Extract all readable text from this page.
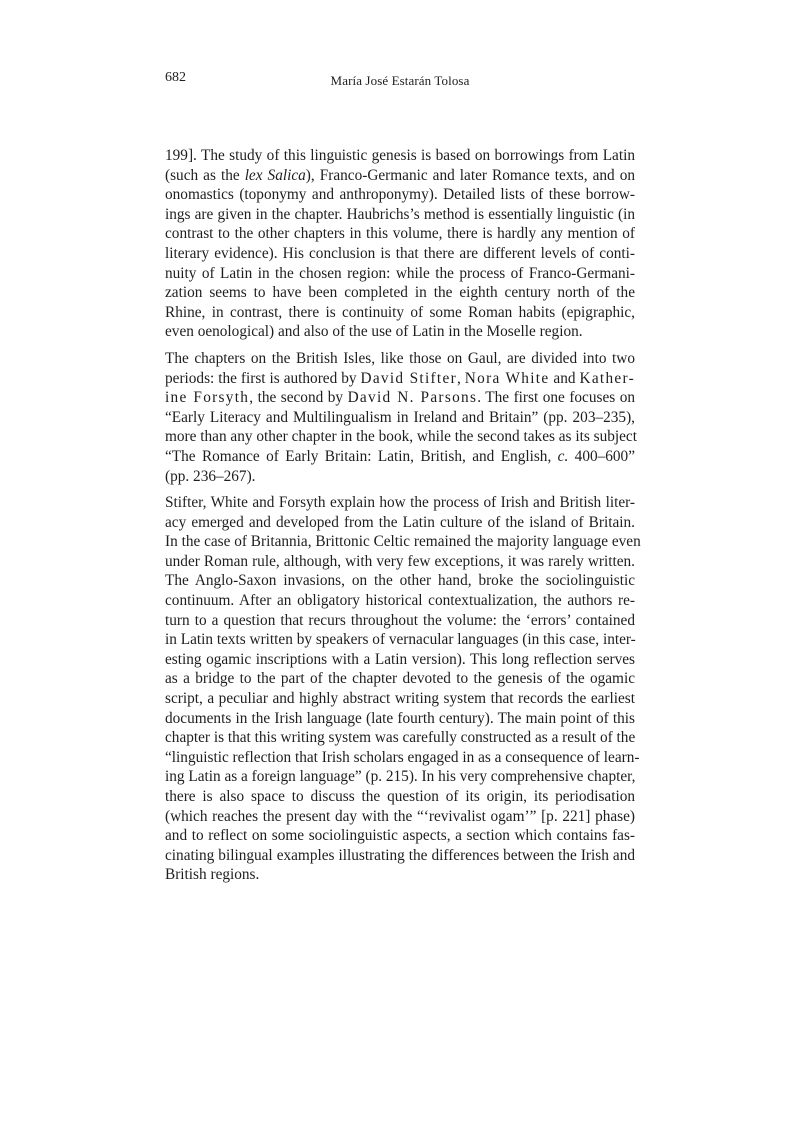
682	María José Estarán Tolosa

199]. The study of this linguistic genesis is based on borrowings from Latin
(such as the lex Salica), Franco-Germanic and later Romance texts, and on
onomastics (toponymy and anthroponymy). Detailed lists of these borrow-
ings are given in the chapter. Haubrichs’s method is essentially linguistic (in
contrast to the other chapters in this volume, there is hardly any mention of
literary evidence). His conclusion is that there are different levels of conti-
nuity of Latin in the chosen region: while the process of Franco-Germani-
zation seems to have been completed in the eighth century north of the
Rhine, in contrast, there is continuity of some Roman habits (epigraphic,
even oenological) and also of the use of Latin in the Moselle region.

The chapters on the British Isles, like those on Gaul, are divided into two
periods: the first is authored by David Stifter, Nora White and Kather-
ine Forsyth, the second by David N. Parsons. The first one focuses on
“Early Literacy and Multilingualism in Ireland and Britain” (pp. 203–235),
more than any other chapter in the book, while the second takes as its subject
“The Romance of Early Britain: Latin, British, and English, c. 400–600”
(pp. 236–267).

Stifter, White and Forsyth explain how the process of Irish and British liter-
acy emerged and developed from the Latin culture of the island of Britain.
In the case of Britannia, Brittonic Celtic remained the majority language even
under Roman rule, although, with very few exceptions, it was rarely written.
The Anglo-Saxon invasions, on the other hand, broke the sociolinguistic
continuum. After an obligatory historical contextualization, the authors re-
turn to a question that recurs throughout the volume: the ‘errors’ contained
in Latin texts written by speakers of vernacular languages (in this case, inter-
esting ogamic inscriptions with a Latin version). This long reflection serves
as a bridge to the part of the chapter devoted to the genesis of the ogamic
script, a peculiar and highly abstract writing system that records the earliest
documents in the Irish language (late fourth century). The main point of this
chapter is that this writing system was carefully constructed as a result of the
“linguistic reflection that Irish scholars engaged in as a consequence of learn-
ing Latin as a foreign language” (p. 215). In his very comprehensive chapter,
there is also space to discuss the question of its origin, its periodisation
(which reaches the present day with the “‘revivalist ogam’” [p. 221] phase)
and to reflect on some sociolinguistic aspects, a section which contains fas-
cinating bilingual examples illustrating the differences between the Irish and
British regions.
